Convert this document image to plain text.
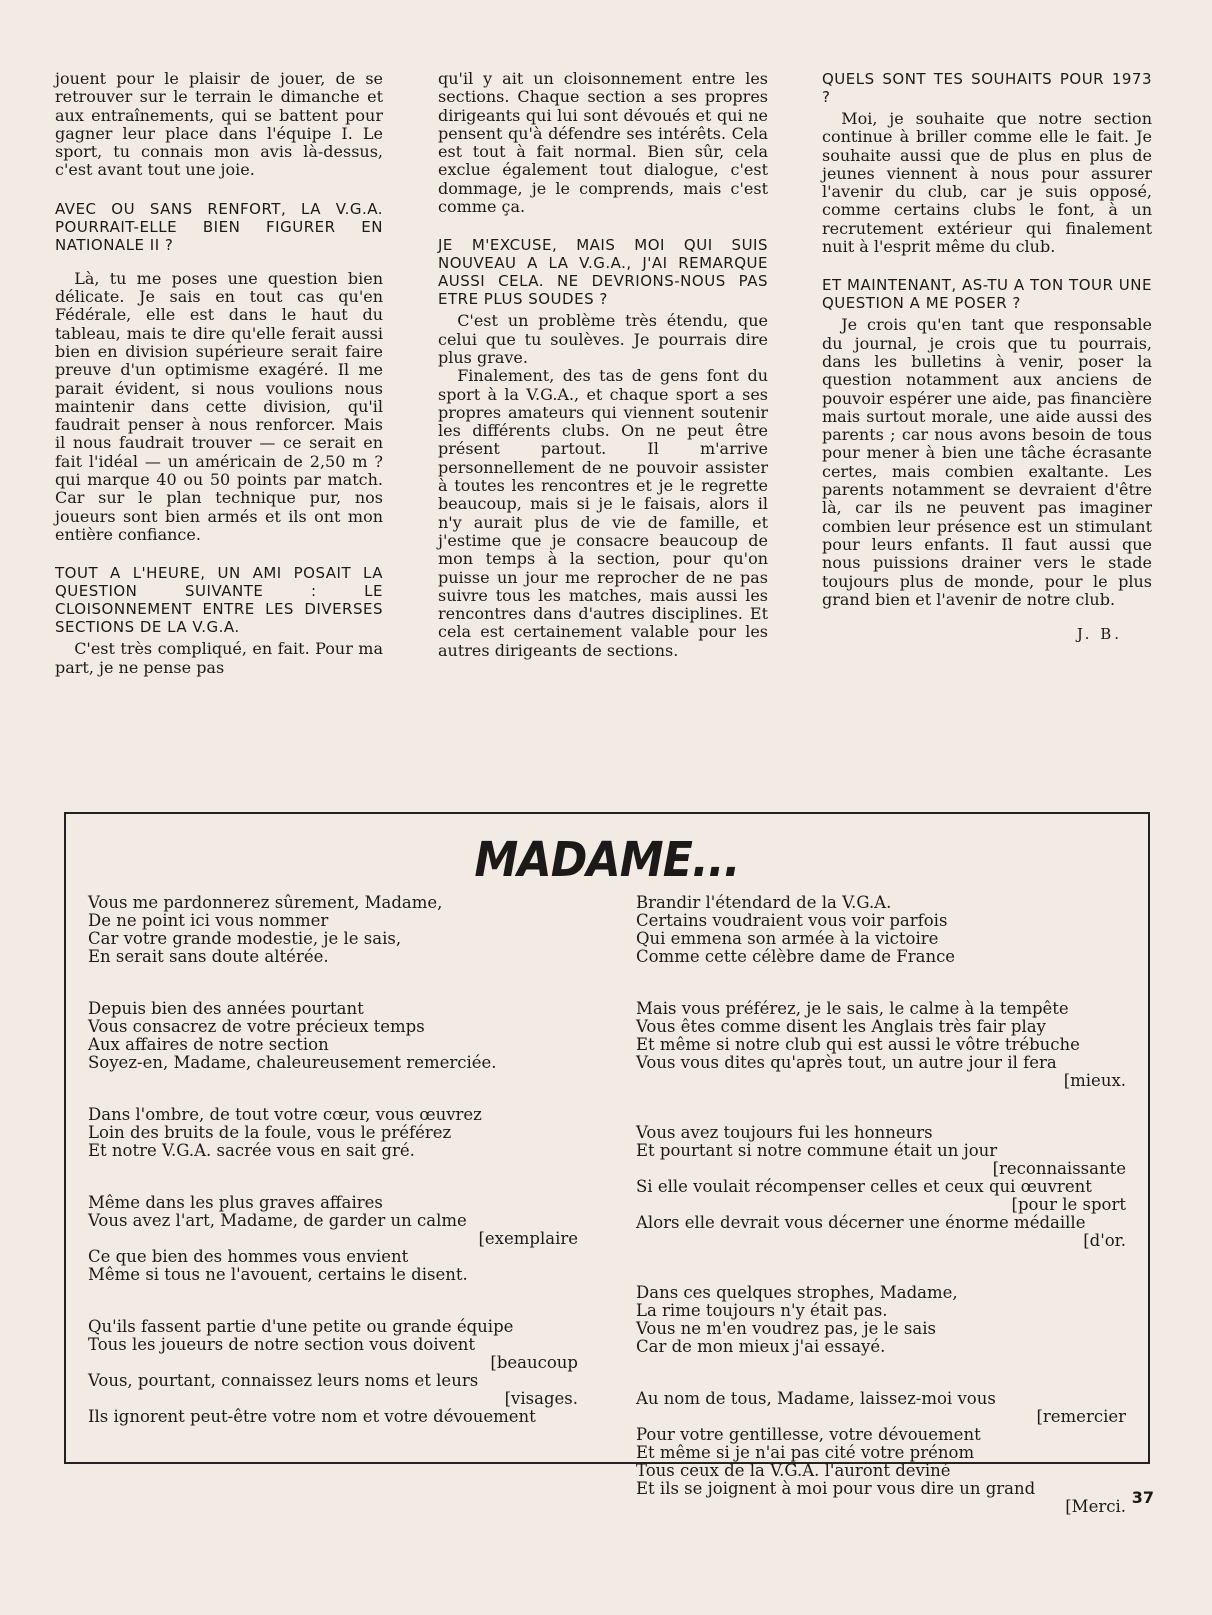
jouent pour le plaisir de jouer, de se retrouver sur le terrain le dimanche et aux entraînements, qui se battent pour gagner leur place dans l'équipe I. Le sport, tu connais mon avis là-dessus, c'est avant tout une joie.

AVEC OU SANS RENFORT, LA V.G.A. POURRAIT-ELLE BIEN FIGURER EN NATIONALE II ?

Là, tu me poses une question bien délicate. Je sais en tout cas qu'en Fédérale, elle est dans le haut du tableau, mais te dire qu'elle ferait aussi bien en division supérieure serait faire preuve d'un optimisme exagéré. Il me parait évident, si nous voulions nous maintenir dans cette division, qu'il faudrait penser à nous renforcer. Mais il nous faudrait trouver — ce serait en fait l'idéal — un américain de 2,50 m ? qui marque 40 ou 50 points par match. Car sur le plan technique pur, nos joueurs sont bien armés et ils ont mon entière confiance.

TOUT A L'HEURE, UN AMI POSAIT LA QUESTION SUIVANTE : LE CLOISONNEMENT ENTRE LES DIVERSES SECTIONS DE LA V.G.A.

C'est très compliqué, en fait. Pour ma part, je ne pense pas

qu'il y ait un cloisonnement entre les sections. Chaque section a ses propres dirigeants qui lui sont dévoués et qui ne pensent qu'à défendre ses intérêts. Cela est tout à fait normal. Bien sûr, cela exclue également tout dialogue, c'est dommage, je le comprends, mais c'est comme ça.

JE M'EXCUSE, MAIS MOI QUI SUIS NOUVEAU A LA V.G.A., J'AI REMARQUE AUSSI CELA. NE DEVRIONS-NOUS PAS ETRE PLUS SOUDES ?

C'est un problème très étendu, que celui que tu soulèves. Je pourrais dire plus grave.

Finalement, des tas de gens font du sport à la V.G.A., et chaque sport a ses propres amateurs qui viennent soutenir les différents clubs. On ne peut être présent partout. Il m'arrive personnellement de ne pouvoir assister à toutes les rencontres et je le regrette beaucoup, mais si je le faisais, alors il n'y aurait plus de vie de famille, et j'estime que je consacre beaucoup de mon temps à la section, pour qu'on puisse un jour me reprocher de ne pas suivre tous les matches, mais aussi les rencontres dans d'autres disciplines. Et cela est certainement valable pour les autres dirigeants de sections.

QUELS SONT TES SOUHAITS POUR 1973 ?

Moi, je souhaite que notre section continue à briller comme elle le fait. Je souhaite aussi que de plus en plus de jeunes viennent à nous pour assurer l'avenir du club, car je suis opposé, comme certains clubs le font, à un recrutement extérieur qui finalement nuit à l'esprit même du club.

ET MAINTENANT, AS-TU A TON TOUR UNE QUESTION A ME POSER ?

Je crois qu'en tant que responsable du journal, je crois que tu pourrais, dans les bulletins à venir, poser la question notamment aux anciens de pouvoir espérer une aide, pas financière mais surtout morale, une aide aussi des parents ; car nous avons besoin de tous pour mener à bien une tâche écrasante certes, mais combien exaltante. Les parents notamment se devraient d'être là, car ils ne peuvent pas imaginer combien leur présence est un stimulant pour leurs enfants. Il faut aussi que nous puissions drainer vers le stade toujours plus de monde, pour le plus grand bien et l'avenir de notre club.

J. B.
MADAME...
Vous me pardonnerez sûrement, Madame,
De ne point ici vous nommer
Car votre grande modestie, je le sais,
En serait sans doute altérée.
Depuis bien des années pourtant
Vous consacrez de votre précieux temps
Aux affaires de notre section
Soyez-en, Madame, chaleureusement remerciée.
Dans l'ombre, de tout votre cœur, vous œuvrez
Loin des bruits de la foule, vous le préférez
Et notre V.G.A. sacrée vous en sait gré.
Même dans les plus graves affaires
Vous avez l'art, Madame, de garder un calme
[exemplaire
Ce que bien des hommes vous envient
Même si tous ne l'avouent, certains le disent.
Qu'ils fassent partie d'une petite ou grande équipe
Tous les joueurs de notre section vous doivent
[beaucoup
Vous, pourtant, connaissez leurs noms et leurs
[visages.
Ils ignorent peut-être votre nom et votre dévouement
Brandir l'étendard de la V.G.A.
Certains voudraient vous voir parfois
Qui emmena son armée à la victoire
Comme cette célèbre dame de France
Mais vous préférez, je le sais, le calme à la tempête
Vous êtes comme disent les Anglais très fair play
Et même si notre club qui est aussi le vôtre trébuche
Vous vous dites qu'après tout, un autre jour il fera
[mieux.
Vous avez toujours fui les honneurs
Et pourtant si notre commune était un jour
[reconnaissante
Si elle voulait récompenser celles et ceux qui œuvrent
[pour le sport
Alors elle devrait vous décerner une énorme médaille
[d'or.
Dans ces quelques strophes, Madame,
La rime toujours n'y était pas.
Vous ne m'en voudrez pas, je le sais
Car de mon mieux j'ai essayé.
Au nom de tous, Madame, laissez-moi vous
[remercier
Pour votre gentillesse, votre dévouement
Et même si je n'ai pas cité votre prénom
Tous ceux de la V.G.A. l'auront deviné
Et ils se joignent à moi pour vous dire un grand
[Merci. 37
